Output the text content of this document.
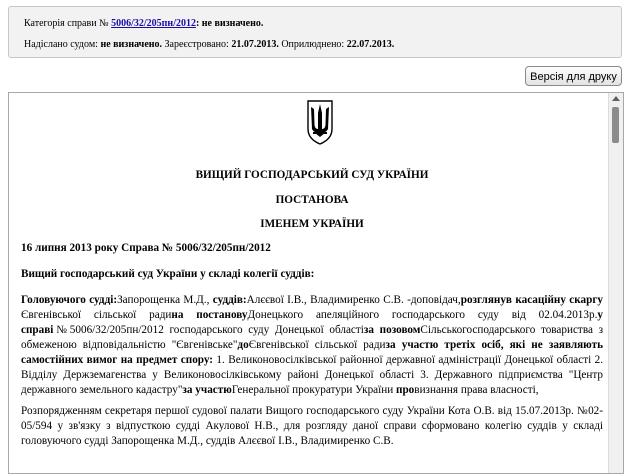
Категорія справи № 5006/32/205пн/2012: не визначено.
Надіслано судом: не визначено. Зареєстровано: 21.07.2013. Оприлюднено: 22.07.2013.
Версія для друку
ВИЩИЙ ГОСПОДАРСЬКИЙ СУД УКРАЇНИ
ПОСТАНОВА
ІМЕНЕМ УКРАЇНИ
16 липня 2013 року Справа № 5006/32/205пн/2012
Вищий господарський суд України у складі колегії суддів:
Головуючого судді:Запорощенка М.Д., суддів:Алєєвої І.В., Владимиренко С.В. -доповідач,розглянув касаційну скаргу Євгенівської сільської радина постановуДонецького апеляційного господарського суду від 02.04.2013р.у справі№5006/32/205пн/2012 господарського суду Донецької областіза позовомСільськогосподарського товариства з обмеженою відповідальністю "Євгенівське"доЄвгенівської сільської радиза участю третіх осіб, які не заявляють самостійних вимог на предмет спору: 1. Великоновосілківської районної державної адміністрації Донецької області 2. Відділу Держземагенства у Великоновосілківському районі Донецької області 3. Державного підприємства "Центр державного земельного кадастру"за участюГенеральної прокуратури України провизнання права власності,
Розпорядженням секретаря першої судової палати Вищого господарського суду України Кота О.В. від 15.07.2013р. №02-05/594 у зв'язку з відпусткою судді Акулової Н.В., для розгляду даної справи сформовано колегію суддів у складі головуючого судді Запорощенка М.Д., суддів Алєєвої І.В., Владимиренко С.В.
